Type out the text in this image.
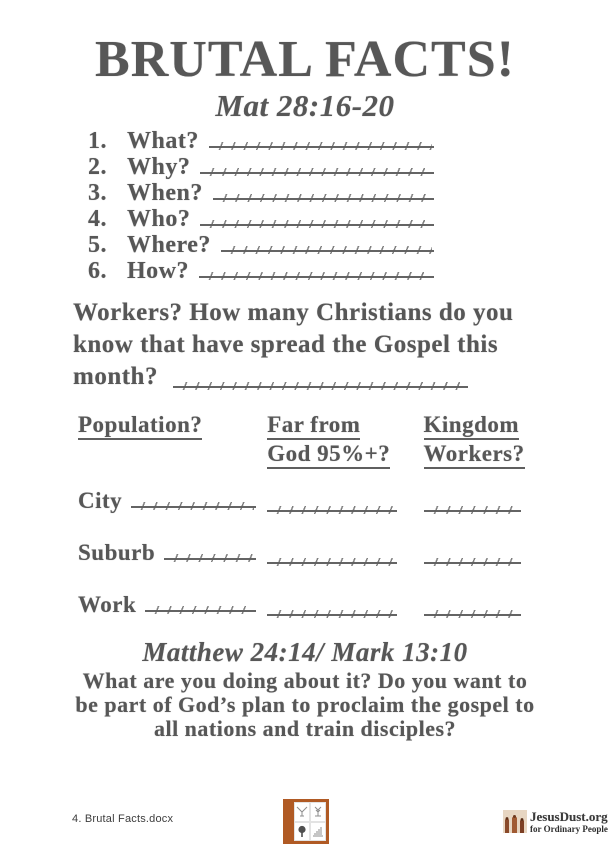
BRUTAL FACTS!
Mat 28:16-20
1. What?
2. Why?
3. When?
4. Who?
5. Where?
6. How?
Workers? How many Christians do you
know that have spread the Gospel this
month?
Population?	Far from
God 95%+?
Kingdom
Workers?
City
Suburb
Work
Matthew 24:14/ Mark 13:10
What are you doing about it? Do you want to
be part of God’s plan to proclaim the gospel to
all nations and train disciples?
4. Brutal Facts.docx	JesusDust.org
for Ordinary People
